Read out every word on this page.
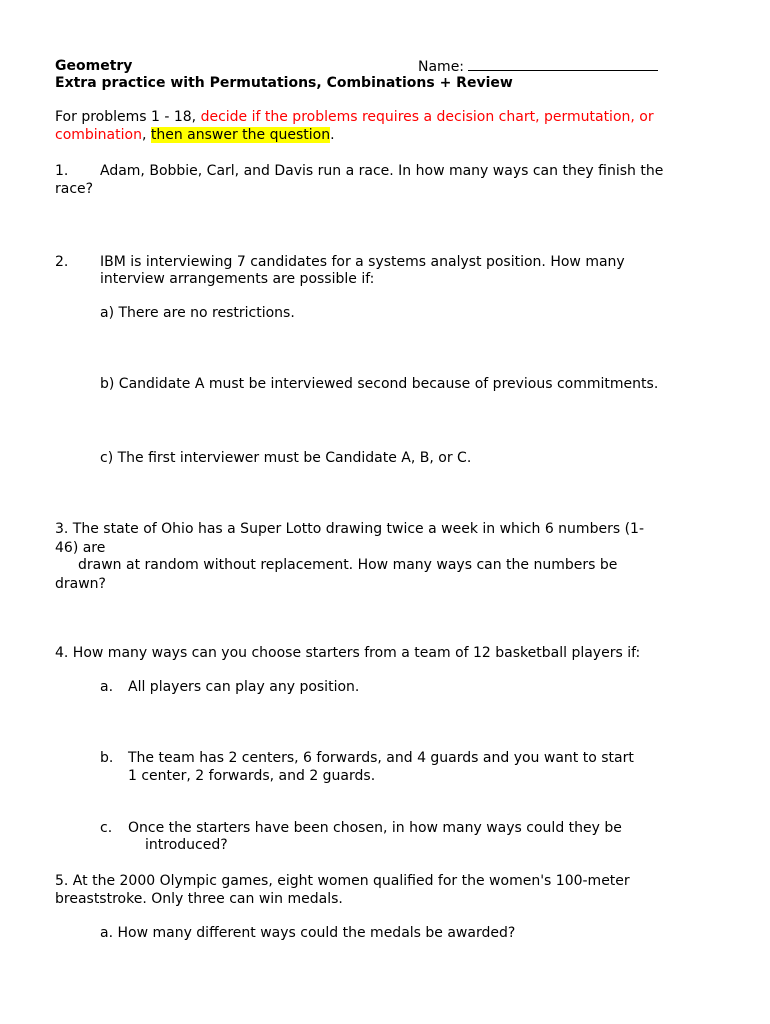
Geometry	Name:
Extra practice with Permutations, Combinations + Review
For problems 1 - 18, decide if the problems requires a decision chart, permutation, or
combination, then answer the question.
1. Adam, Bobbie, Carl, and Davis run a race. In how many ways can they finish the
race?
2. IBM is interviewing 7 candidates for a systems analyst position. How many
interview arrangements are possible if:
a) There are no restrictions.
b) Candidate A must be interviewed second because of previous commitments.
c) The first interviewer must be Candidate A, B, or C.
3. The state of Ohio has a Super Lotto drawing twice a week in which 6 numbers (1-
46) are
drawn at random without replacement. How many ways can the numbers be
drawn?
4. How many ways can you choose starters from a team of 12 basketball players if:
a. All players can play any position.
b. The team has 2 centers, 6 forwards, and 4 guards and you want to start
1 center, 2 forwards, and 2 guards.
c. Once the starters have been chosen, in how many ways could they be
introduced?
5. At the 2000 Olympic games, eight women qualified for the women's 100-meter
breaststroke. Only three can win medals.
a. How many different ways could the medals be awarded?
